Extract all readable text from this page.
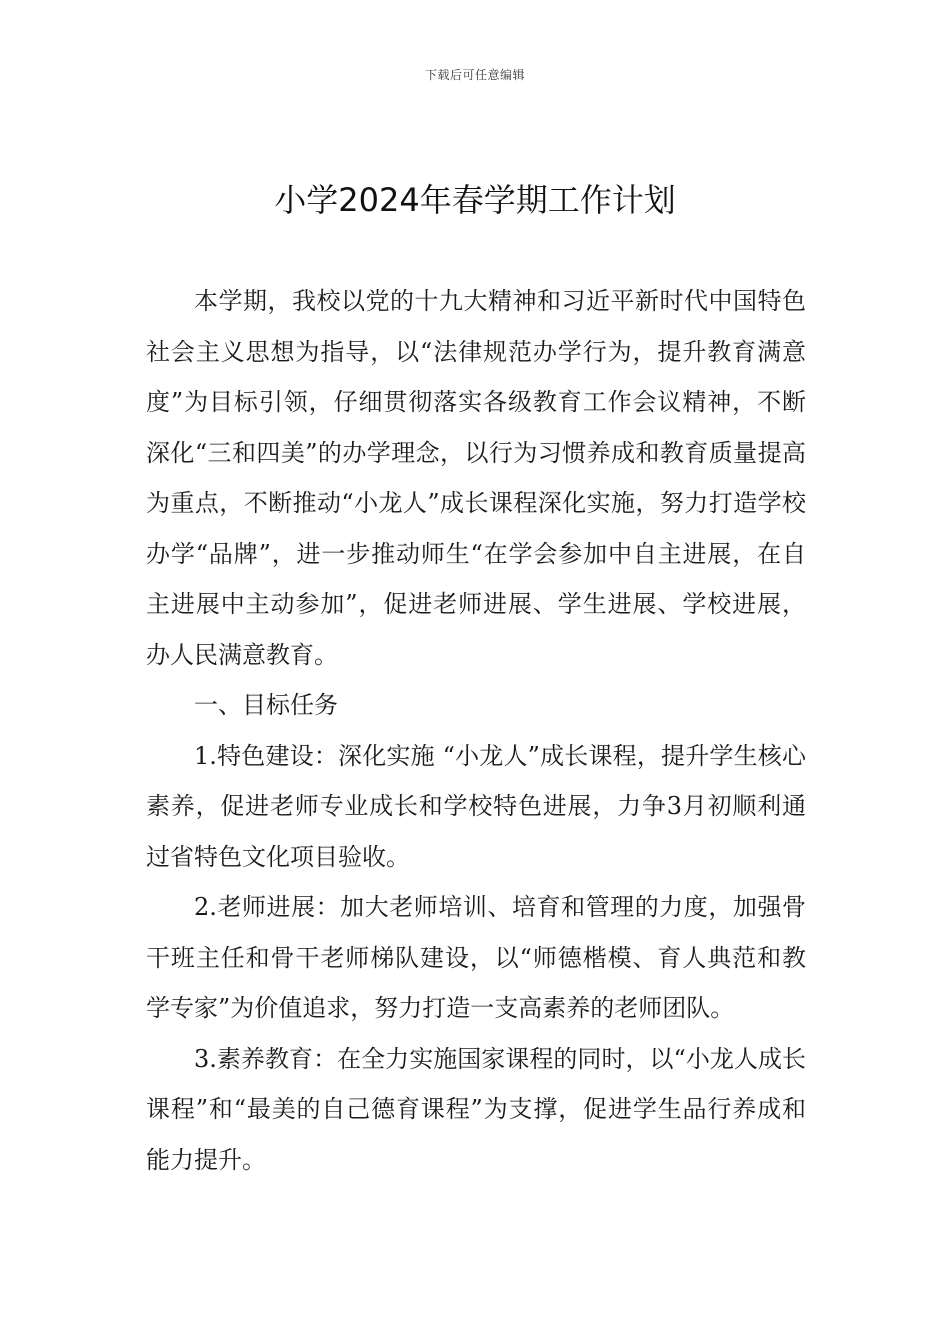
下载后可任意编辑
小学2024年春学期工作计划

本学期，我校以党的十九大精神和习近平新时代中国特色社会主义思想为指导，以“法律规范办学行为，提升教育满意度”为目标引领，仔细贯彻落实各级教育工作会议精神，不断深化“三和四美”的办学理念，以行为习惯养成和教育质量提高为重点，不断推动“小龙人”成长课程深化实施，努力打造学校办学“品牌”，进一步推动师生“在学会参加中自主进展，在自主进展中主动参加”，促进老师进展、学生进展、学校进展，办人民满意教育。

一、目标任务

1.特色建设：深化实施 “小龙人”成长课程，提升学生核心素养，促进老师专业成长和学校特色进展，力争3月初顺利通过省特色文化项目验收。

2.老师进展：加大老师培训、培育和管理的力度，加强骨干班主任和骨干老师梯队建设，以“师德楷模、育人典范和教学专家”为价值追求，努力打造一支高素养的老师团队。

3.素养教育：在全力实施国家课程的同时，以“小龙人成长课程”和“最美的自己德育课程”为支撑，促进学生品行养成和能力提升。
